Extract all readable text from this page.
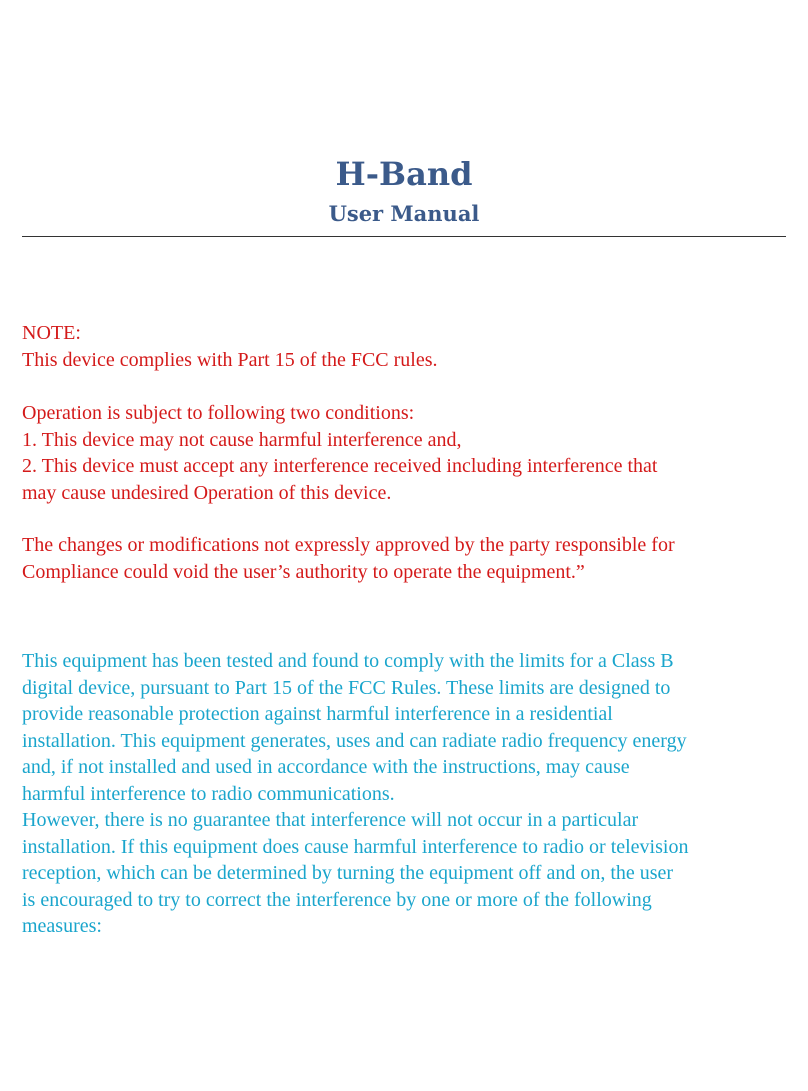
H-Band
User Manual

NOTE:

This device complies with Part 15 of the FCC rules.

Operation is subject to following two conditions:

1. This device may not cause harmful interference and,

2. This device must accept any interference received including interference that

may cause undesired Operation of this device.

The changes or modifications not expressly approved by the party responsible for

Compliance could void the user’s authority to operate the equipment.”

This equipment has been tested and found to comply with the limits for a Class B

digital device, pursuant to Part 15 of the FCC Rules. These limits are designed to

provide reasonable protection against harmful interference in a residential

installation. This equipment generates, uses and can radiate radio frequency energy

and, if not installed and used in accordance with the instructions, may cause

harmful interference to radio communications.

However, there is no guarantee that interference will not occur in a particular

installation. If this equipment does cause harmful interference to radio or television

reception, which can be determined by turning the equipment off and on, the user

is encouraged to try to correct the interference by one or more of the following

measures:
